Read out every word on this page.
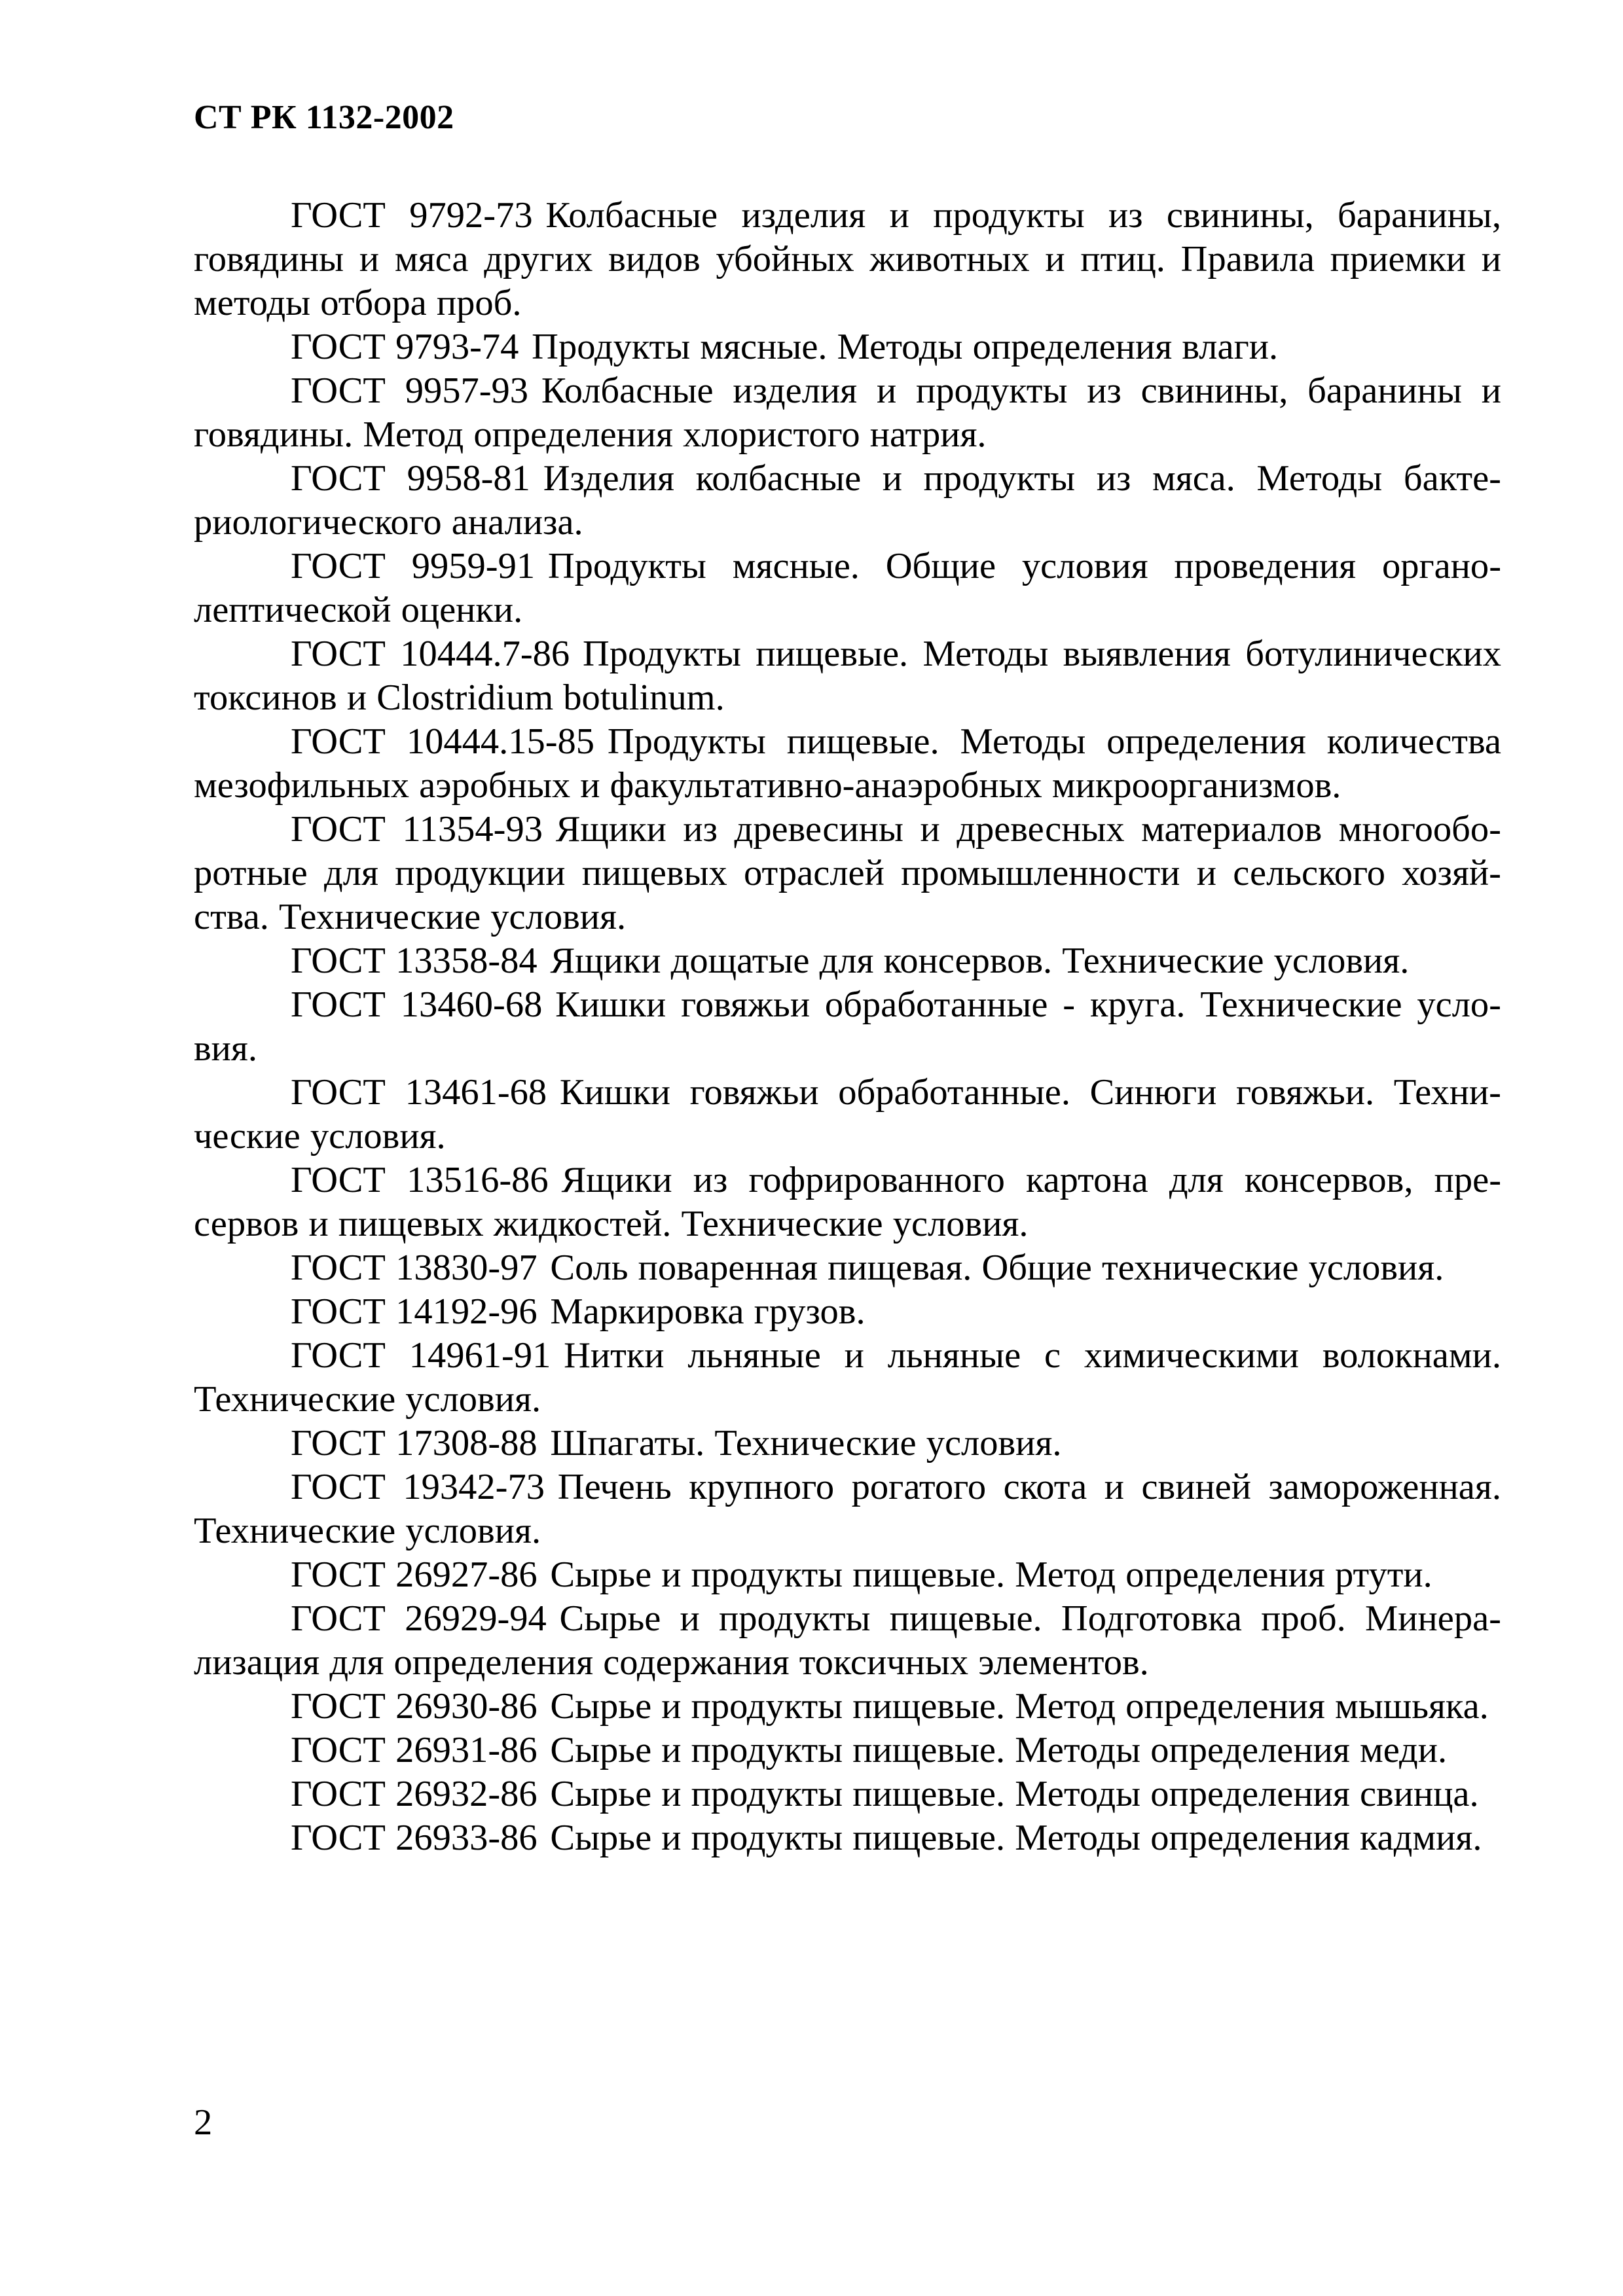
СТ РК 1132-2002

ГОСТ 9792-73 Колбасные изделия и продукты из свинины, баранины, говядины и мяса других видов убойных животных и птиц. Правила приемки и методы отбора проб.

ГОСТ 9793-74 Продукты мясные. Методы определения влаги.

ГОСТ 9957-93 Колбасные изделия и продукты из свинины, баранины и говядины. Метод определения хлористого натрия.

ГОСТ 9958-81 Изделия колбасные и продукты из мяса. Методы бактериологического анализа.

ГОСТ 9959-91 Продукты мясные. Общие условия проведения органолептической оценки.

ГОСТ 10444.7-86 Продукты пищевые. Методы выявления ботулинических токсинов и Clostridium botulinum.

ГОСТ 10444.15-85 Продукты пищевые. Методы определения количества мезофильных аэробных и факультативно-анаэробных микроорганизмов.

ГОСТ 11354-93 Ящики из древесины и древесных материалов многооборотные для продукции пищевых отраслей промышленности и сельского хозяйства. Технические условия.

ГОСТ 13358-84 Ящики дощатые для консервов. Технические условия.

ГОСТ 13460-68 Кишки говяжьи обработанные - круга. Технические условия.

ГОСТ 13461-68 Кишки говяжьи обработанные. Синюги говяжьи. Технические условия.

ГОСТ 13516-86 Ящики из гофрированного картона для консервов, пресервов и пищевых жидкостей. Технические условия.

ГОСТ 13830-97 Соль поваренная пищевая. Общие технические условия.

ГОСТ 14192-96 Маркировка грузов.

ГОСТ 14961-91 Нитки льняные и льняные с химическими волокнами. Технические условия.

ГОСТ 17308-88 Шпагаты. Технические условия.

ГОСТ 19342-73 Печень крупного рогатого скота и свиней замороженная. Технические условия.

ГОСТ 26927-86 Сырье и продукты пищевые. Метод определения ртути.

ГОСТ 26929-94 Сырье и продукты пищевые. Подготовка проб. Минерализация для определения содержания токсичных элементов.

ГОСТ 26930-86 Сырье и продукты пищевые. Метод определения мышьяка.

ГОСТ 26931-86 Сырье и продукты пищевые. Методы определения меди.

ГОСТ 26932-86 Сырье и продукты пищевые. Методы определения свинца.

ГОСТ 26933-86 Сырье и продукты пищевые. Методы определения кадмия.

2
